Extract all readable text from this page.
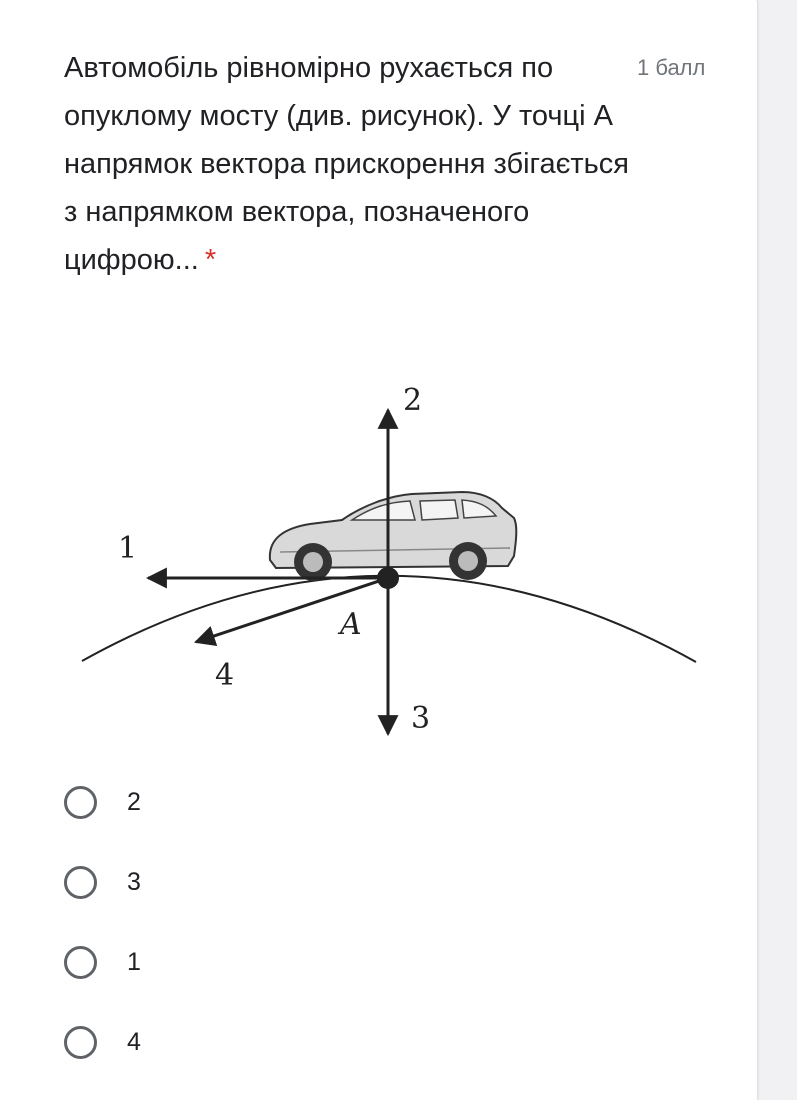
Автомобіль рівномірно рухається по опуклому мосту (див. рисунок). У точці А напрямок вектора прискорення збігається з напрямком вектора, позначеного цифрою... *
1 балл
1
2
3
4
A
2
3
1
4
